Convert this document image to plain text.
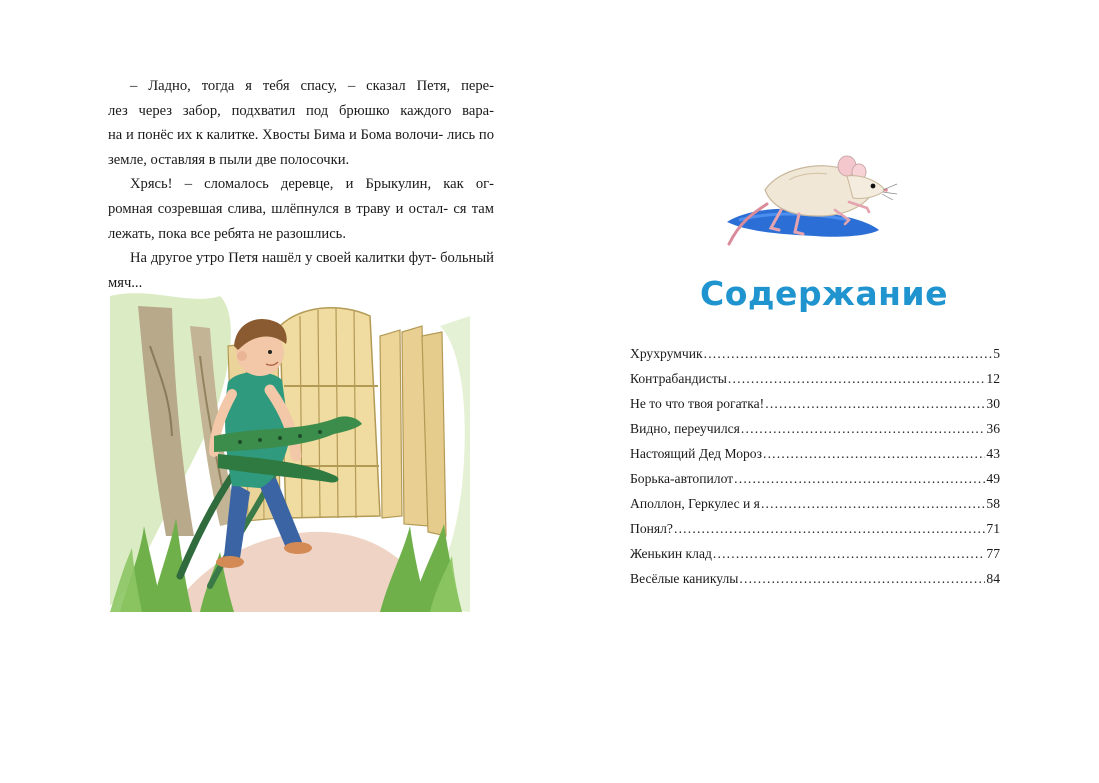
– Ладно, тогда я тебя спасу, – сказал Петя, пере- лез через забор, подхватил под брюшко каждого вара- на и понёс их к калитке. Хвосты Бима и Бома волочи- лись по земле, оставляя в пыли две полосочки.

Хрясь! – сломалось деревце, и Брыкулин, как ог- ромная созревшая слива, шлёпнулся в траву и остал- ся там лежать, пока все ребята не разошлись.

На другое утро Петя нашёл у своей калитки фут- больный мяч...	Содержание
Хрухрумчик .....	5
Контрабандисты .....	12
Не то что твоя рогатка! .....	30
Видно, переучился .....	36
Настоящий Дед Мороз .....	43
Борька-автопилот .....	49
Аполлон, Геркулес и я .....	58
Понял? .....	71
Женькин клад .....	77
Весёлые каникулы .....	84
